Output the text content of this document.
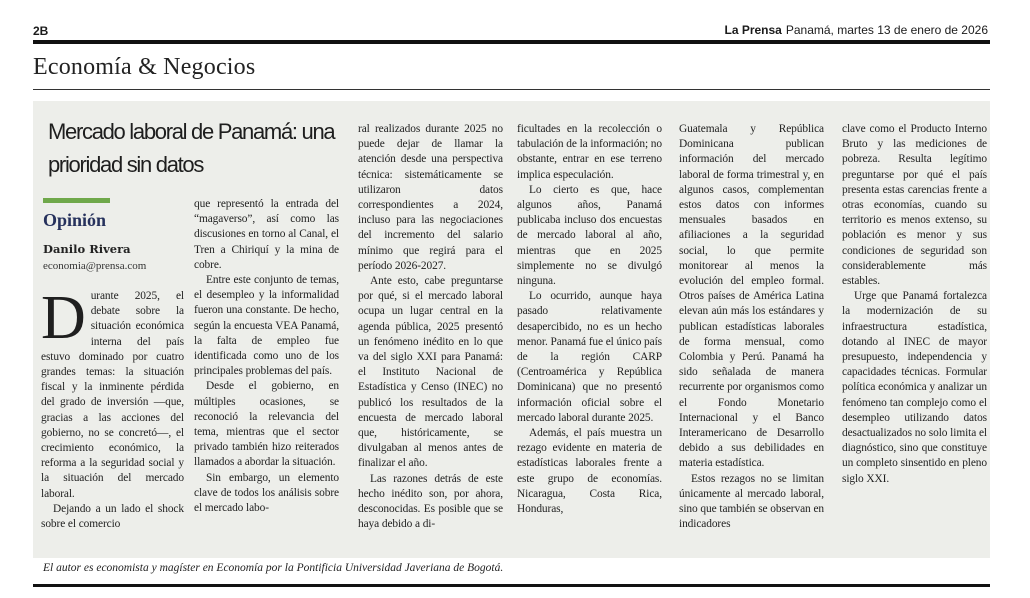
2B	La Prensa Panamá, martes 13 de enero de 2026
Economía & Negocios
Mercado laboral de Panamá: una prioridad sin datos
Opinión
Danilo Rivera
economia@prensa.com
D urante 2025, el debate sobre la situación económica interna del país estuvo dominado por cuatro grandes temas: la situación fiscal y la inminente pérdida del grado de inversión —que, gracias a las acciones del gobierno, no se concretó—, el crecimiento económico, la reforma a la seguridad social y la situación del mercado laboral.

Dejando a un lado el shock sobre el comercio

que representó la entrada del “magaverso”, así como las discusiones en torno al Canal, el Tren a Chiriquí y la mina de cobre.

Entre este conjunto de temas, el desempleo y la informalidad fueron una constante. De hecho, según la encuesta VEA Panamá, la falta de empleo fue identificada como uno de los principales problemas del país.

Desde el gobierno, en múltiples ocasiones, se reconoció la relevancia del tema, mientras que el sector privado también hizo reiterados llamados a abordar la situación.

Sin embargo, un elemento clave de todos los análisis sobre el mercado labo-

ral realizados durante 2025 no puede dejar de llamar la atención desde una perspectiva técnica: sistemáticamente se utilizaron datos correspondientes a 2024, incluso para las negociaciones del incremento del salario mínimo que regirá para el período 2026-2027.

Ante esto, cabe preguntarse por qué, si el mercado laboral ocupa un lugar central en la agenda pública, 2025 presentó un fenómeno inédito en lo que va del siglo XXI para Panamá: el Instituto Nacional de Estadística y Censo (INEC) no publicó los resultados de la encuesta de mercado laboral que, históricamente, se divulgaban al menos antes de finalizar el año.

Las razones detrás de este hecho inédito son, por ahora, desconocidas. Es posible que se haya debido a di-

ficultades en la recolección o tabulación de la información; no obstante, entrar en ese terreno implica especulación.

Lo cierto es que, hace algunos años, Panamá publicaba incluso dos encuestas de mercado laboral al año, mientras que en 2025 simplemente no se divulgó ninguna.

Lo ocurrido, aunque haya pasado relativamente desapercibido, no es un hecho menor. Panamá fue el único país de la región CARP (Centroamérica y República Dominicana) que no presentó información oficial sobre el mercado laboral durante 2025.

Además, el país muestra un rezago evidente en materia de estadísticas laborales frente a este grupo de economías. Nicaragua, Costa Rica, Honduras,

Guatemala y República Dominicana publican información del mercado laboral de forma trimestral y, en algunos casos, complementan estos datos con informes mensuales basados en afiliaciones a la seguridad social, lo que permite monitorear al menos la evolución del empleo formal. Otros países de América Latina elevan aún más los estándares y publican estadísticas laborales de forma mensual, como Colombia y Perú. Panamá ha sido señalada de manera recurrente por organismos como el Fondo Monetario Internacional y el Banco Interamericano de Desarrollo debido a sus debilidades en materia estadística.

Estos rezagos no se limitan únicamente al mercado laboral, sino que también se observan en indicadores

clave como el Producto Interno Bruto y las mediciones de pobreza. Resulta legítimo preguntarse por qué el país presenta estas carencias frente a otras economías, cuando su territorio es menos extenso, su población es menor y sus condiciones de seguridad son considerablemente más estables.

Urge que Panamá fortalezca la modernización de su infraestructura estadística, dotando al INEC de mayor presupuesto, independencia y capacidades técnicas. Formular política económica y analizar un fenómeno tan complejo como el desempleo utilizando datos desactualizados no solo limita el diagnóstico, sino que constituye un completo sinsentido en pleno siglo XXI.

El autor es economista y magíster en Economía por la Pontificia Universidad Javeriana de Bogotá.
